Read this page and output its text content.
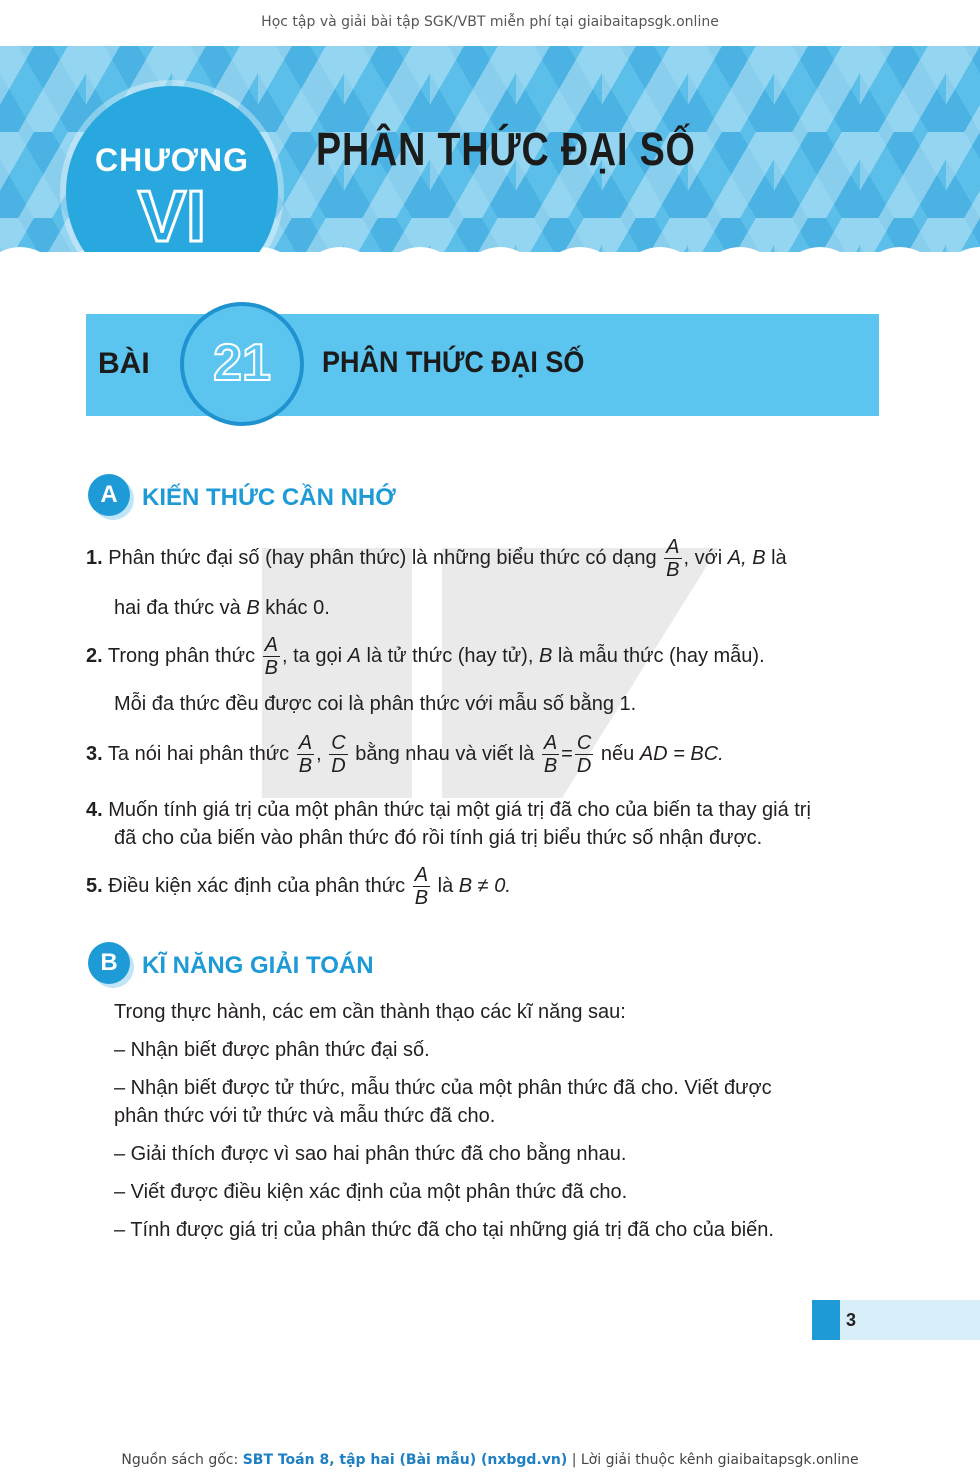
Học tập và giải bài tập SGK/VBT miễn phí tại giaibaitapsgk.online
CHƯƠNG
VI
PHÂN THỨC ĐẠI SỐ
BÀI	21	PHÂN THỨC ĐẠI SỐ
A	KIẾN THỨC CẦN NHỚ
1. Phân thức đại số (hay phân thức) là những biểu thức có dạng $\frac{A}{B}$ , với A, B là
hai đa thức và B khác 0.
2. Trong phân thức $\frac{A}{B}$ , ta gọi A là tử thức (hay tử), B là mẫu thức (hay mẫu).
Mỗi đa thức đều được coi là phân thức với mẫu số bằng 1.
3. Ta nói hai phân thức $\frac{A}{B}$ , $\frac{C}{D}$ bằng nhau và viết là $\frac{A}{B} = \frac{C}{D}$ nếu AD = BC.
4. Muốn tính giá trị của một phân thức tại một giá trị đã cho của biến ta thay giá trị
đã cho của biến vào phân thức đó rồi tính giá trị biểu thức số nhận được.
5. Điều kiện xác định của phân thức $\frac{A}{B}$ là B ≠ 0.
B	KĨ NĂNG GIẢI TOÁN
Trong thực hành, các em cần thành thạo các kĩ năng sau:
– Nhận biết được phân thức đại số.
– Nhận biết được tử thức, mẫu thức của một phân thức đã cho. Viết được
phân thức với tử thức và mẫu thức đã cho.
– Giải thích được vì sao hai phân thức đã cho bằng nhau.
– Viết được điều kiện xác định của một phân thức đã cho.
– Tính được giá trị của phân thức đã cho tại những giá trị đã cho của biến.
3
Nguồn sách gốc: SBT Toán 8, tập hai (Bài mẫu) (nxbgd.vn) | Lời giải thuộc kênh giaibaitapsgk.online
